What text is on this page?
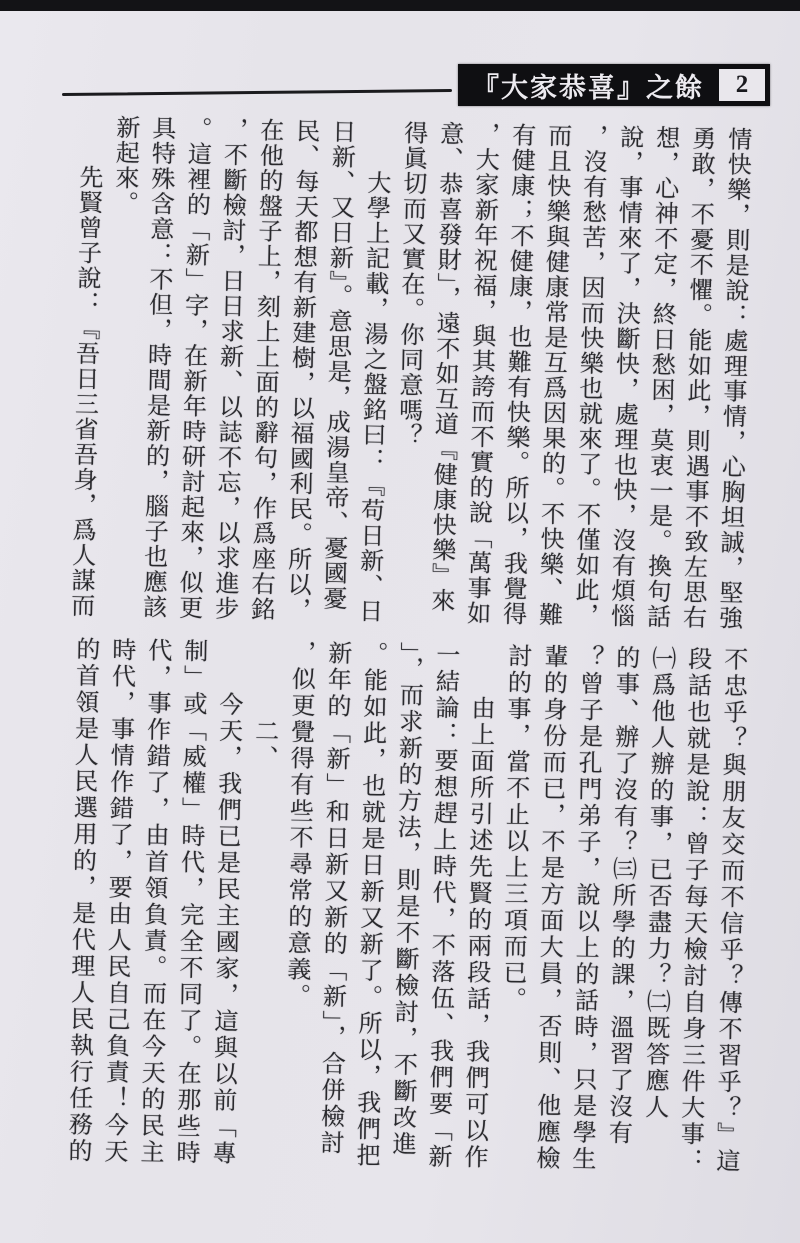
『大家恭喜』之餘 2
情快樂，則是說：處理事情，心胸坦誠，堅強
勇敢，不憂不懼。能如此，則遇事不致左思右
想，心神不定，終日愁困，莫衷一是。換句話
說，事情來了，決斷快，處理也快，沒有煩惱
，沒有愁苦，因而快樂也就來了。不僅如此，
而且快樂與健康常是互爲因果的。不快樂、難
有健康；不健康，也難有快樂。所以，我覺得
，大家新年祝福，與其誇而不實的說「萬事如
意、恭喜發財」，遠不如互道『健康快樂』來
得眞切而又實在。你同意嗎？
　　大學上記載，湯之盤銘曰：『苟日新、日
日新、又日新』。意思是，成湯皇帝、憂國憂
民、每天都想有新建樹，以福國利民。所以，
在他的盤子上，刻上上面的辭句，作爲座右銘
，不斷檢討，日日求新、以誌不忘，以求進步
。這裡的「新」字，在新年時研討起來，似更
具特殊含意：不但，時間是新的，腦子也應該
新起來。
　　先賢曾子說：『吾日三省吾身，爲人謀而
不忠乎？與朋友交而不信乎？傳不習乎？』這
段話也就是說：曾子每天檢討自身三件大事：
㈠爲他人辦的事，已否盡力？㈡既答應人
的事、辦了沒有？㈢所學的課，溫習了沒有
？曾子是孔門弟子，說以上的話時，只是學生
輩的身份而已，不是方面大員，否則、他應檢
討的事，當不止以上三項而已。
　　由上面所引述先賢的兩段話，我們可以作
一結論：要想趕上時代，不落伍、我們要「新
」，而求新的方法，則是不斷檢討，不斷改進
。能如此，也就是日新又新了。所以，我們把
新年的「新」和日新又新的「新」，合併檢討
，似更覺得有些不尋常的意義。
　　　二、
　　今天，我們已是民主國家，這與以前「專
制」或「威權」時代，完全不同了。在那些時
代，事作錯了，由首領負責。而在今天的民主
時代，事情作錯了，要由人民自己負責！今天
的首領是人民選用的，是代理人民執行任務的
